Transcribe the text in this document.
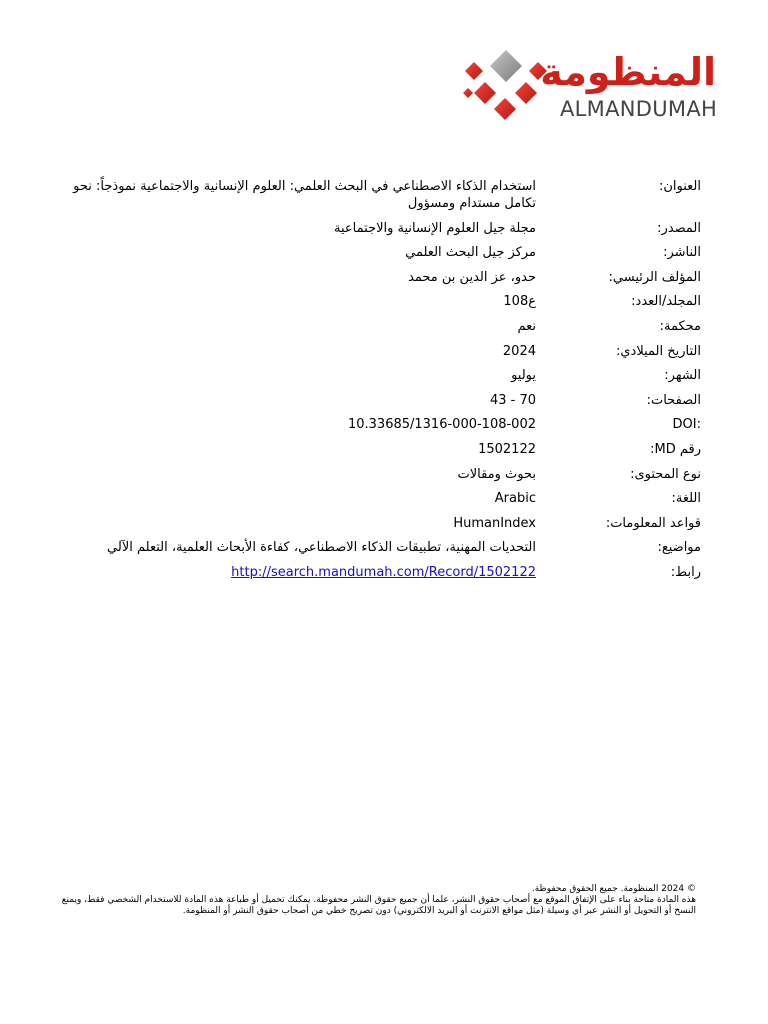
المنظومة
ALMANDUMAH
العنوان:
استخدام الذكاء الاصطناعي في البحث العلمي: العلوم الإنسانية والاجتماعية نموذجاً: نحو تكامل مستدام ومسؤول
المصدر:
مجلة جيل العلوم الإنسانية والاجتماعية
الناشر:
مركز جيل البحث العلمي
المؤلف الرئيسي:
حدو، عز الدين بن محمد
المجلد/العدد:
ع108
محكمة:
نعم
التاريخ الميلادي:
2024
الشهر:
يوليو
الصفحات:
43 - 70
DOI:
10.33685/1316-000-108-002
رقم MD:
1502122
نوع المحتوى:
بحوث ومقالات
اللغة:
Arabic
قواعد المعلومات:
HumanIndex
مواضيع:
التحديات المهنية، تطبيقات الذكاء الاصطناعي، كفاءة الأبحاث العلمية، التعلم الآلي
رابط:
http://search.mandumah.com/Record/1502122
© 2024 المنظومة. جميع الحقوق محفوظة.
هذه المادة متاحة بناء على الإتفاق الموقع مع أصحاب حقوق النشر، علما أن جميع حقوق النشر محفوظة. يمكنك تحميل أو طباعة هذه المادة للاستخدام الشخصي فقط، ويمنع النسخ أو التحويل أو النشر عبر أي وسيلة (مثل مواقع الانترنت أو البريد الالكتروني) دون تصريح خطي من أصحاب حقوق النشر أو المنظومة.
